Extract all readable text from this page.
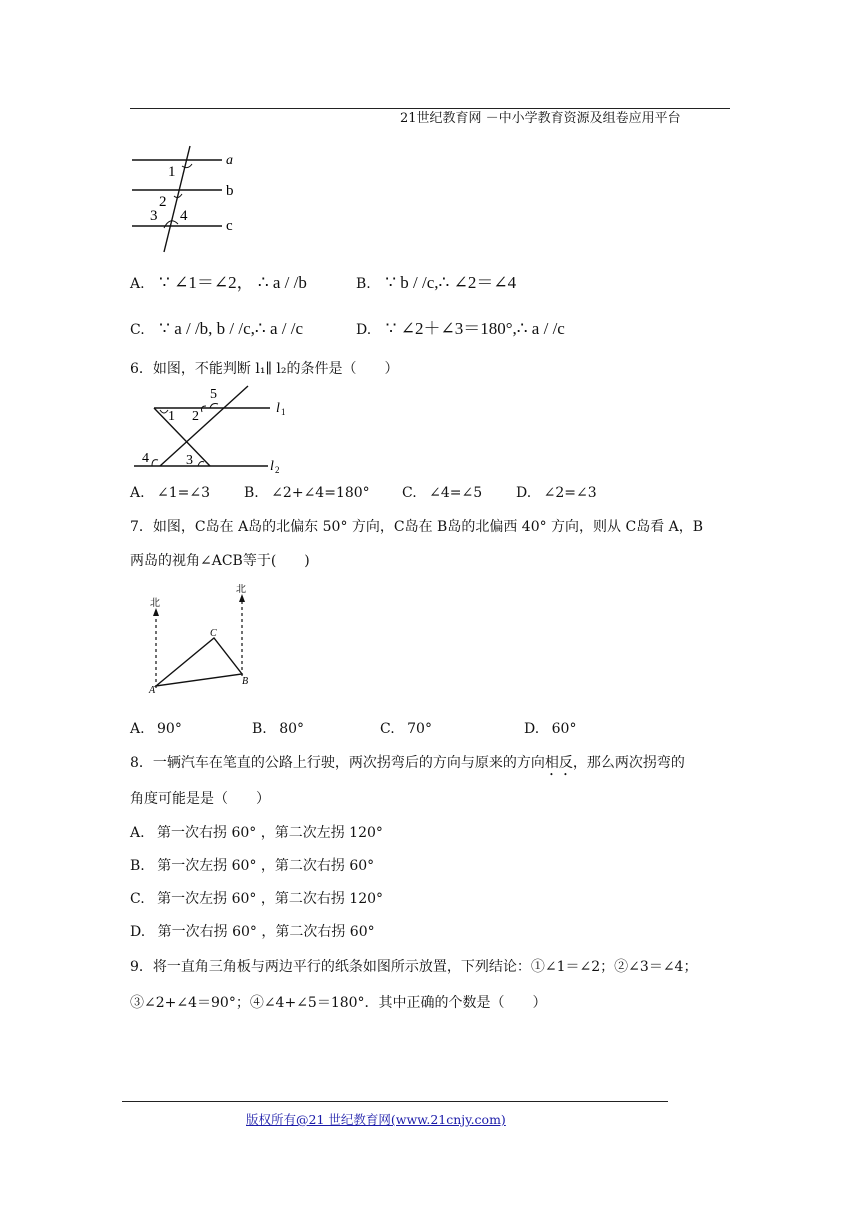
21世纪教育网 －中小学教育资源及组卷应用平台
a
b
c
1
2
3 4
A. ∵ ∠1＝∠2， ∴ a / /b	B. ∵ b / /c,∴ ∠2＝∠4
C. ∵ a / /b, b / /c,∴ a / /c	D. ∵ ∠2＋∠3＝180°,∴ a / /c
6．如图，不能判断 l₁∥ l₂的条件是（　　）
1 2
5
3
4
l 1
l 2
A. ∠1=∠3 B. ∠2+∠4=180° C. ∠4=∠5 D. ∠2=∠3
7．如图，C岛在 A岛的北偏东 50° 方向，C岛在 B岛的北偏西 40° 方向，则从 C岛看 A，B
两岛的视角∠ACB等于(　　)
北
北
C
A
B
A. 90°	B. 80°	C. 70°	D. 60°
8．一辆汽车在笔直的公路上行驶，两次拐弯后的方向与原来的方向相反，那么两次拐弯的
角度可能是是（　　）
A. 第一次右拐 60° ，第二次左拐 120°
B. 第一次左拐 60° ，第二次右拐 60°
C. 第一次左拐 60° ，第二次右拐 120°
D. 第一次右拐 60° ，第二次右拐 60°
9．将一直角三角板与两边平行的纸条如图所示放置，下列结论：①∠1＝∠2；②∠3＝∠4；
③∠2+∠4＝90°；④∠4+∠5＝180°．其中正确的个数是（　　）
版权所有@21 世纪教育网(www.21cnjy.com)
